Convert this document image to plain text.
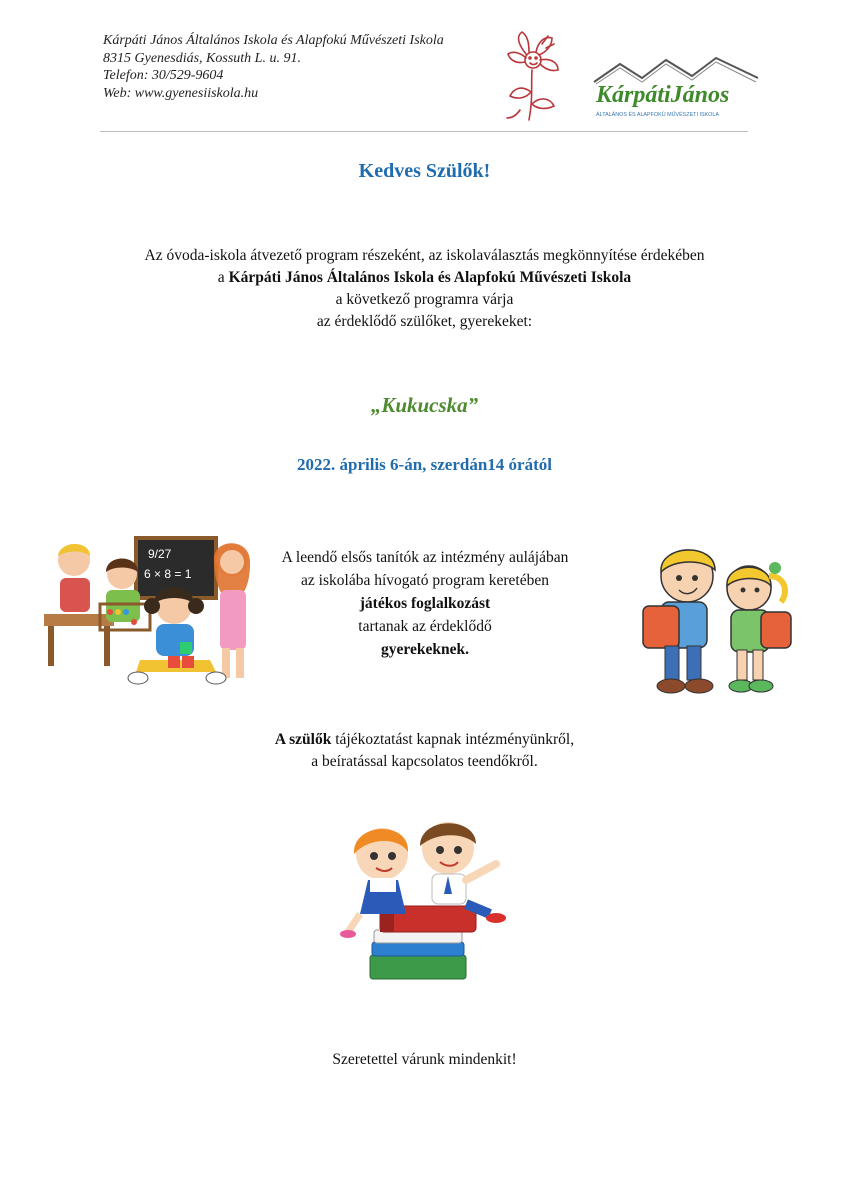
Kárpáti János Általános Iskola és Alapfokú Művészeti Iskola
8315 Gyenesdiás, Kossuth L. u. 91.
Telefon: 30/529-9604
Web: www.gyenesiiskola.hu	KárpátiJános
ÁLTALÁNOS ÉS ALAPFOKÚ MŰVÉSZETI ISKOLA
Kedves Szülők!
Az óvoda-iskola átvezető program részeként, az iskolaválasztás megkönnyítése érdekében
a Kárpáti János Általános Iskola és Alapfokú Művészeti Iskola
a következő programra várja
az érdeklődő szülőket, gyerekeket:
„Kukucska”
2022. április 6-án, szerdán14 órától
9/27
6 × 8 = 1
A leendő elsős tanítók az intézmény aulájában
az iskolába hívogató program keretében
játékos foglalkozást
tartanak az érdeklődő
gyerekeknek.
A szülők tájékoztatást kapnak intézményünkről,
a beíratással kapcsolatos teendőkről.
Szeretettel várunk mindenkit!
